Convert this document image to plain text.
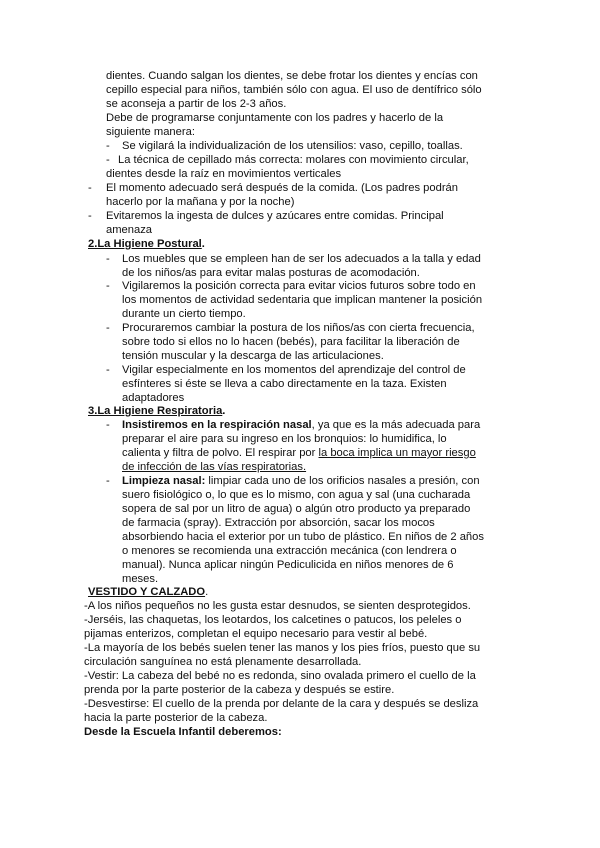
dientes. Cuando salgan los dientes, se debe frotar los dientes y encías con
cepillo especial para niños, también sólo con agua. El uso de dentífrico sólo
se aconseja a partir de los 2-3 años.
Debe de programarse conjuntamente con los padres y hacerlo de la
siguiente manera:
-	Se vigilará la individualización de los utensilios: vaso, cepillo, toallas.
- La técnica de cepillado más correcta: molares con movimiento circular,
dientes desde la raíz en movimientos verticales
-	El momento adecuado será después de la comida. (Los padres podrán
hacerlo por la mañana y por la noche)
-	Evitaremos la ingesta de dulces y azúcares entre comidas. Principal
amenaza
2.La Higiene Postural.
-	Los muebles que se empleen han de ser los adecuados a la talla y edad
de los niños/as para evitar malas posturas de acomodación.
-	Vigilaremos la posición correcta para evitar vicios futuros sobre todo en
los momentos de actividad sedentaria que implican mantener la posición
durante un cierto tiempo.
-	Procuraremos cambiar la postura de los niños/as con cierta frecuencia,
sobre todo si ellos no lo hacen (bebés), para facilitar la liberación de
tensión muscular y la descarga de las articulaciones.
-	Vigilar especialmente en los momentos del aprendizaje del control de
esfínteres si éste se lleva a cabo directamente en la taza. Existen
adaptadores
3.La Higiene Respiratoria.
-	Insistiremos en la respiración nasal, ya que es la más adecuada para
preparar el aire para su ingreso en los bronquios: lo humidifica, lo
calienta y filtra de polvo. El respirar por la boca implica un mayor riesgo
de infección de las vías respiratorias.
-	Limpieza nasal: limpiar cada uno de los orificios nasales a presión, con
suero fisiológico o, lo que es lo mismo, con agua y sal (una cucharada
sopera de sal por un litro de agua) o algún otro producto ya preparado
de farmacia (spray). Extracción por absorción, sacar los mocos
absorbiendo hacia el exterior por un tubo de plástico. En niños de 2 años
o menores se recomienda una extracción mecánica (con lendrera o
manual). Nunca aplicar ningún Pediculicida en niños menores de 6
meses.
VESTIDO Y CALZADO.
-A los niños pequeños no les gusta estar desnudos, se sienten desprotegidos.
-Jerséis, las chaquetas, los leotardos, los calcetines o patucos, los peleles o
pijamas enterizos, completan el equipo necesario para vestir al bebé.
-La mayoría de los bebés suelen tener las manos y los pies fríos, puesto que su
circulación sanguínea no está plenamente desarrollada.
-Vestir: La cabeza del bebé no es redonda, sino ovalada primero el cuello de la
prenda por la parte posterior de la cabeza y después se estire.
-Desvestirse: El cuello de la prenda por delante de la cara y después se desliza
hacia la parte posterior de la cabeza.
Desde la Escuela Infantil deberemos:
